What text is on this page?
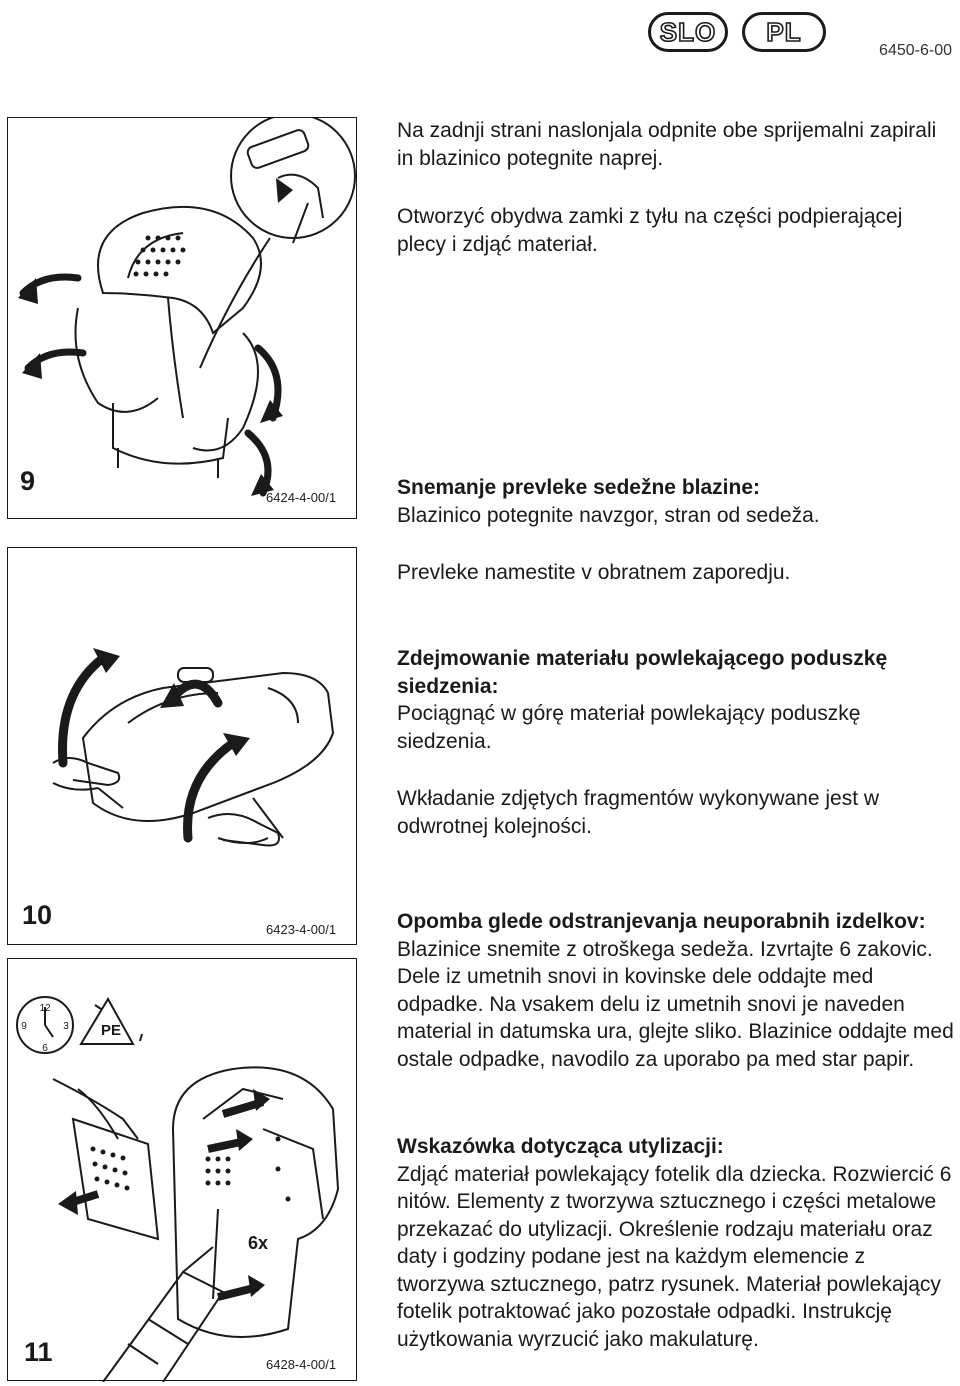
SLO	PL
6450-6-00
9
6424-4-00/1
10	6423-4-00/1
12
3
6
9	PE
6x
11	6428-4-00/1

Na zadnji strani naslonjala odpnite obe sprijemalni zapirali in blazinico potegnite naprej.

Otworzyć obydwa zamki z tyłu na części podpierającej plecy i zdjąć materiał.

Snemanje prevleke sedežne blazine:
Blazinico potegnite navzgor, stran od sedeža.

Prevleke namestite v obratnem zaporedju.

Zdejmowanie materiału powlekającego poduszkę siedzenia:
Pociągnąć w górę materiał powlekający poduszkę siedzenia.

Wkładanie zdjętych fragmentów wykonywane jest w odwrotnej kolejności.

Opomba glede odstranjevanja neuporabnih izdelkov:
Blazinice snemite z otroškega sedeža. Izvrtajte 6 zakovic. Dele iz umetnih snovi in kovinske dele oddajte med odpadke. Na vsakem delu iz umetnih snovi je naveden material in datumska ura, glejte sliko. Blazinice oddajte med ostale odpadke, navodilo za uporabo pa med star papir.

Wskazówka dotycząca utylizacji:
Zdjąć materiał powlekający fotelik dla dziecka. Rozwiercić 6 nitów. Elementy z tworzywa sztucznego i części metalowe przekazać do utylizacji. Określenie rodzaju materiału oraz daty i godziny podane jest na każdym elemencie z tworzywa sztucznego, patrz rysunek. Materiał powlekający fotelik potraktować jako pozostałe odpadki. Instrukcję użytkowania wyrzucić jako makulaturę.
